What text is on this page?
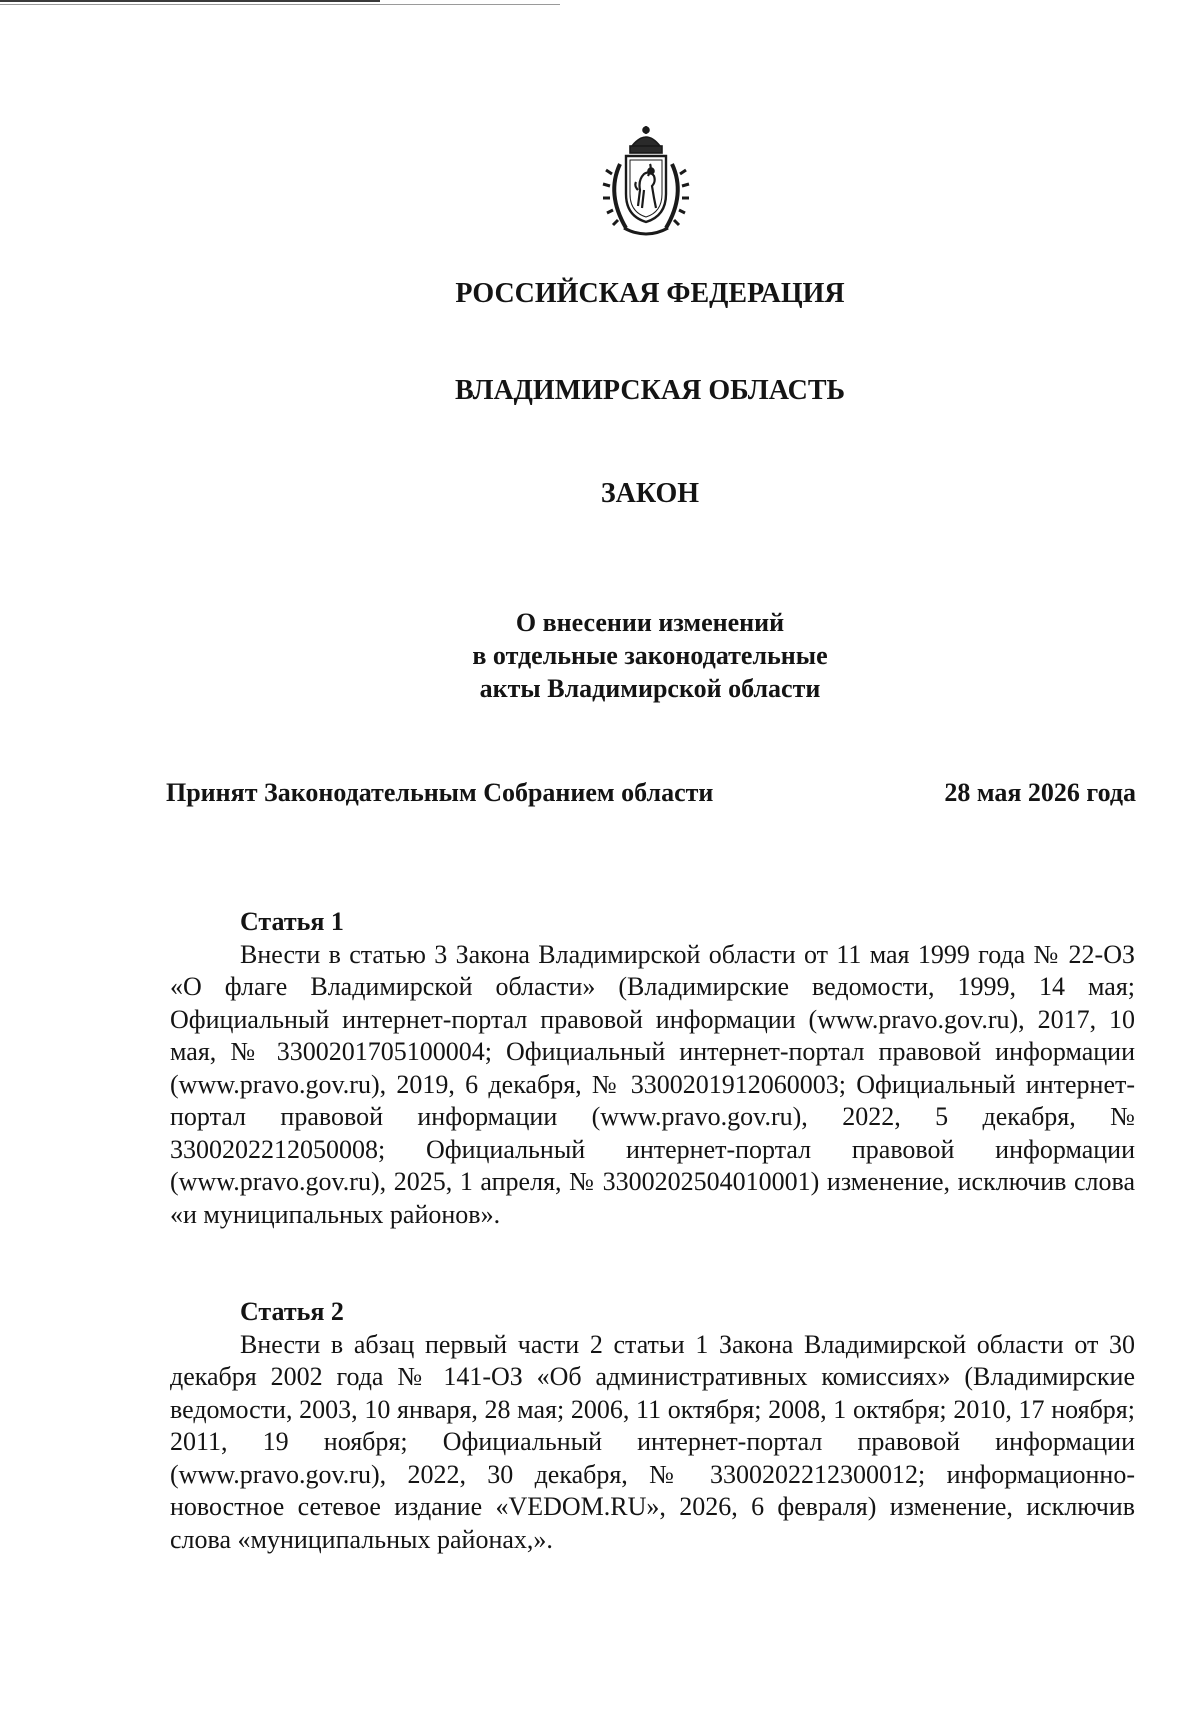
РОССИЙСКАЯ ФЕДЕРАЦИЯ
ВЛАДИМИРСКАЯ ОБЛАСТЬ
ЗАКОН
О внесении изменений
в отдельные законодательные
акты Владимирской области
Принят Законодательным Собранием области	28 мая 2026 года
Статья 1

Внести в статью 3 Закона Владимирской области от 11 мая 1999 года № 22-ОЗ «О флаге Владимирской области» (Владимирские ведомости, 1999, 14 мая; Официальный интернет-портал правовой информации (www.pravo.gov.ru), 2017, 10 мая, № 3300201705100004; Официальный интернет-портал правовой информации (www.pravo.gov.ru), 2019, 6 декабря, № 3300201912060003; Официальный интернет-портал правовой информации (www.pravo.gov.ru), 2022, 5 декабря, № 3300202212050008; Официальный интернет-портал правовой информации (www.pravo.gov.ru), 2025, 1 апреля, № 3300202504010001) изменение, исключив слова «и муниципальных районов».

Статья 2

Внести в абзац первый части 2 статьи 1 Закона Владимирской области от 30 декабря 2002 года № 141-ОЗ «Об административных комиссиях» (Владимирские ведомости, 2003, 10 января, 28 мая; 2006, 11 октября; 2008, 1 октября; 2010, 17 ноября; 2011, 19 ноября; Официальный интернет-портал правовой информации (www.pravo.gov.ru), 2022, 30 декабря, № 3300202212300012; информационно-новостное сетевое издание «VEDOM.RU», 2026, 6 февраля) изменение, исключив слова «муниципальных районах,».
